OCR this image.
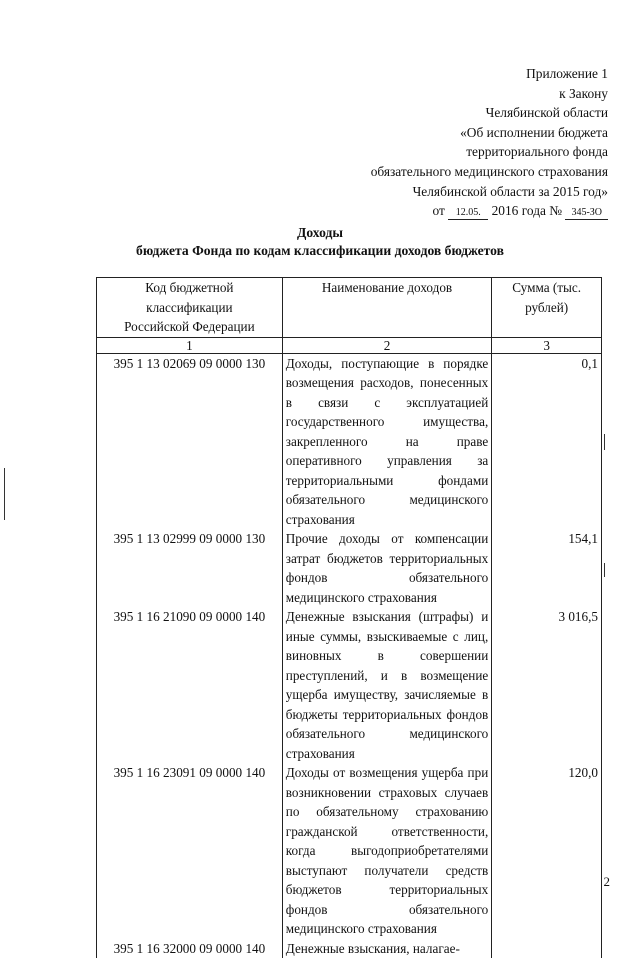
Приложение 1
к Закону
Челябинской области
«Об исполнении бюджета
территориального фонда
обязательного медицинского страхования
Челябинской области за 2015 год»
от 12.05. 2016 года № 345-ЗО
Доходы
бюджета Фонда по кодам классификации доходов бюджетов
Код бюджетной классификации Российской Федерации	Наименование доходов	Сумма (тыс. рублей)
1	2	3
395 1 13 02069 09 0000 130	Доходы, поступающие в порядке возмещения расходов, понесенных в связи с эксплуатацией государственного имущества, закрепленного на праве оперативного управления за территориальными фондами обязательного медицинского страхования	0,1
395 1 13 02999 09 0000 130	Прочие доходы от компенсации затрат бюджетов территориальных фондов обязательного медицинского страхования	154,1
395 1 16 21090 09 0000 140	Денежные взыскания (штрафы) и иные суммы, взыскиваемые с лиц, виновных в совершении преступлений, и в возмещение ущерба имуществу, зачисляемые в бюджеты территориальных фондов обязательного медицинского страхования	3 016,5
395 1 16 23091 09 0000 140	Доходы от возмещения ущерба при возникновении страховых случаев по обязательному страхованию гражданской ответственности, когда выгодоприобретателями выступают получатели средств бюджетов территориальных фондов обязательного медицинского страхования	120,0
395 1 16 32000 09 0000 140	Денежные взыскания, налагае-	
2
